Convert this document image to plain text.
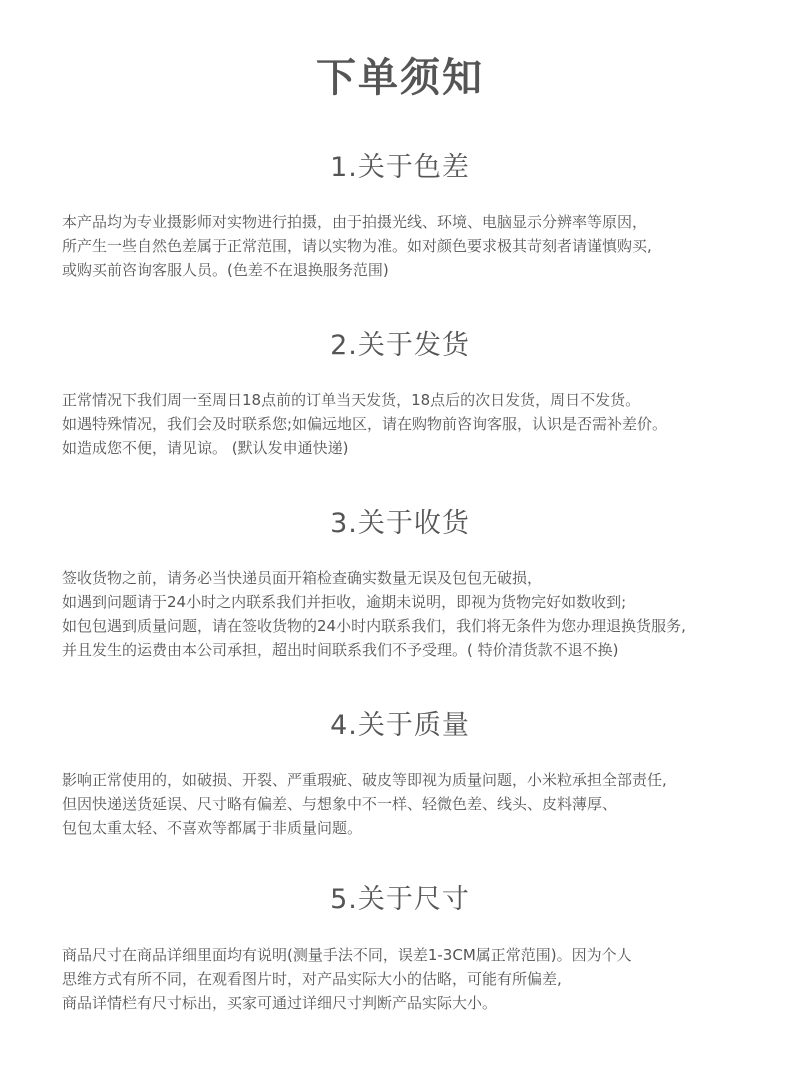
下单须知
1.关于色差
本产品均为专业摄影师对实物进行拍摄，由于拍摄光线、环境、电脑显示分辨率等原因，
所产生一些自然色差属于正常范围，请以实物为准。如对颜色要求极其苛刻者请谨慎购买,
或购买前咨询客服人员。(色差不在退换服务范围)
2.关于发货
正常情况下我们周一至周日18点前的订单当天发货，18点后的次日发货，周日不发货。
如遇特殊情况，我们会及时联系您;如偏远地区，请在购物前咨询客服，认识是否需补差价。
如造成您不便，请见谅。 (默认发申通快递)
3.关于收货
签收货物之前，请务必当快递员面开箱检查确实数量无误及包包无破损，
如遇到问题请于24小时之内联系我们并拒收，逾期未说明，即视为货物完好如数收到;
如包包遇到质量问题，请在签收货物的24小时内联系我们，我们将无条件为您办理退换货服务,
并且发生的运费由本公司承担，超出时间联系我们不予受理。( 特价清货款不退不换)
4.关于质量
影响正常使用的，如破损、开裂、严重瑕疵、破皮等即视为质量问题，小米粒承担全部责任,
但因快递送货延误、尺寸略有偏差、与想象中不一样、轻微色差、线头、皮料薄厚、
包包太重太轻、不喜欢等都属于非质量问题。
5.关于尺寸
商品尺寸在商品详细里面均有说明(测量手法不同，误差1-3CM属正常范围)。因为个人
思维方式有所不同，在观看图片时，对产品实际大小的估略，可能有所偏差,
商品详情栏有尺寸标出，买家可通过详细尺寸判断产品实际大小。
